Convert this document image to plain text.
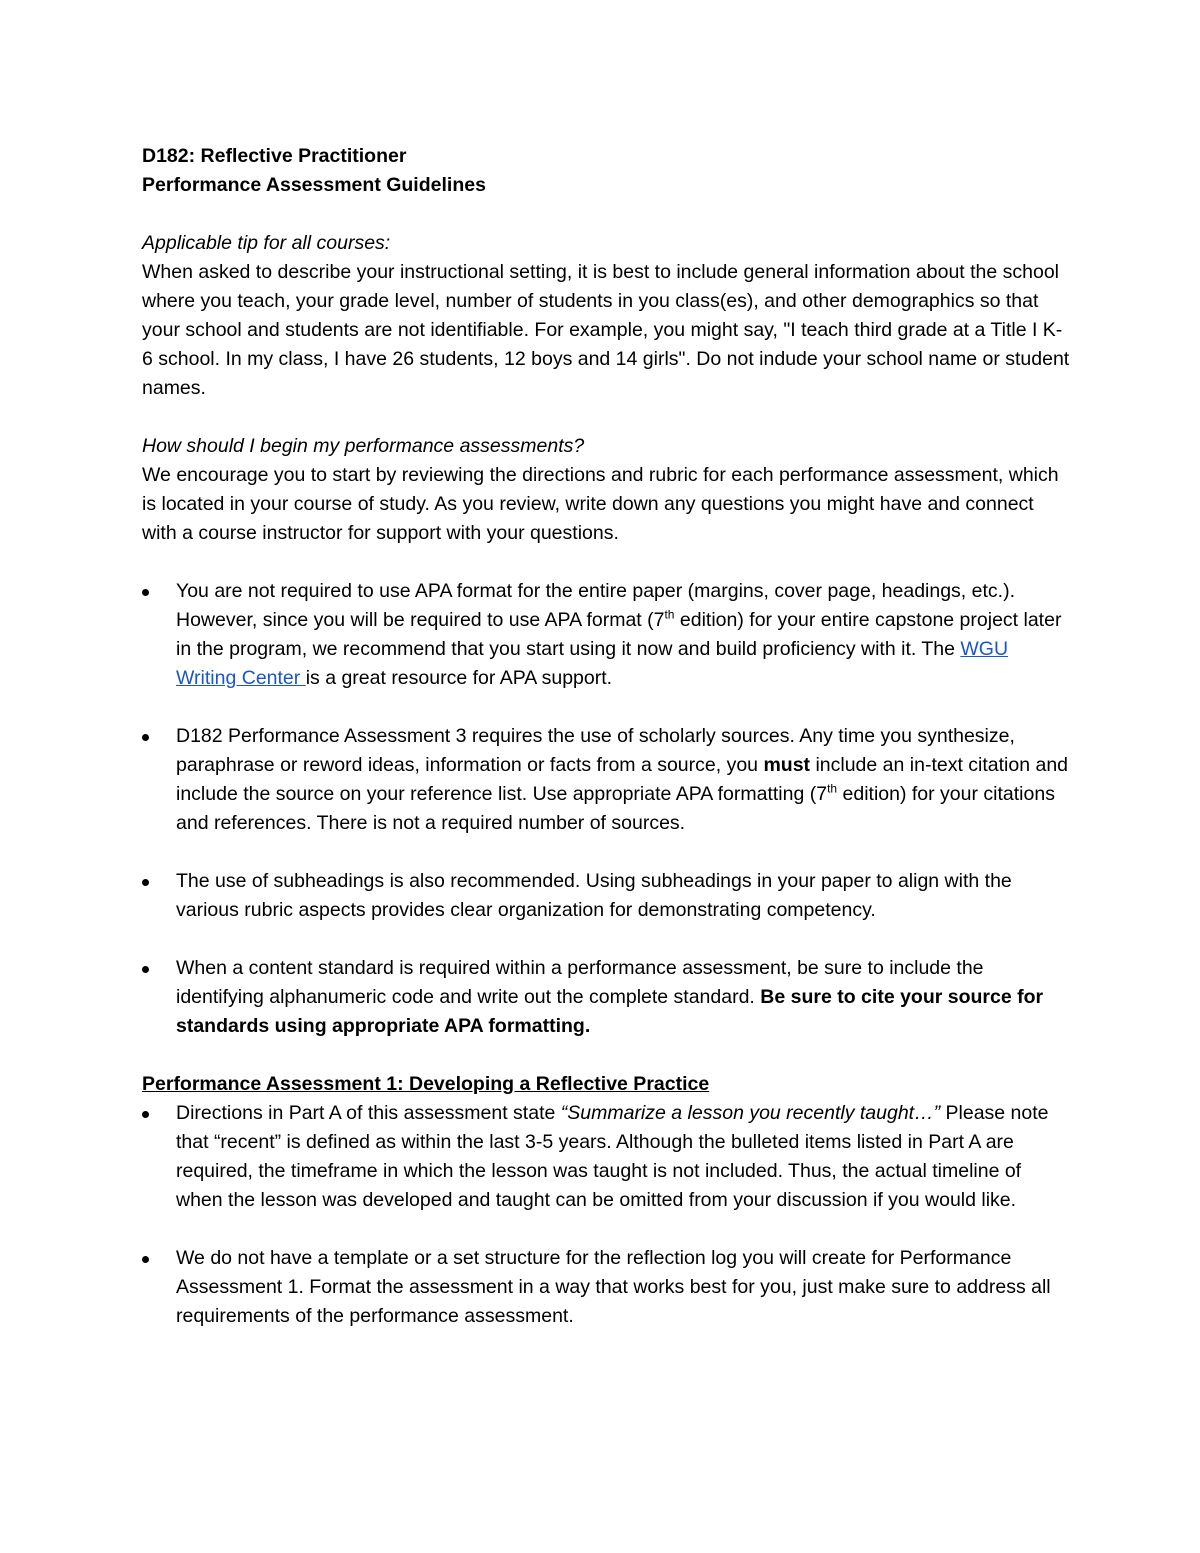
D182: Reflective Practitioner
Performance Assessment Guidelines
Applicable tip for all courses:

When asked to describe your instructional setting, it is best to include general information about the school where you teach, your grade level, number of students in you class(es), and other demographics so that your school and students are not identifiable. For example, you might say, "I teach third grade at a Title I K-6 school. In my class, I have 26 students, 12 boys and 14 girls". Do not indude your school name or student names.

How should I begin my performance assessments?

We encourage you to start by reviewing the directions and rubric for each performance assessment, which is located in your course of study. As you review, write down any questions you might have and connect with a course instructor for support with your questions.

You are not required to use APA format for the entire paper (margins, cover page, headings, etc.). However, since you will be required to use APA format (7th edition) for your entire capstone project later in the program, we recommend that you start using it now and build proficiency with it. The WGU Writing Center is a great resource for APA support.
D182 Performance Assessment 3 requires the use of scholarly sources. Any time you synthesize, paraphrase or reword ideas, information or facts from a source, you must include an in-text citation and include the source on your reference list. Use appropriate APA formatting (7th edition) for your citations and references. There is not a required number of sources.
The use of subheadings is also recommended. Using subheadings in your paper to align with the various rubric aspects provides clear organization for demonstrating competency.
When a content standard is required within a performance assessment, be sure to include the identifying alphanumeric code and write out the complete standard. Be sure to cite your source for standards using appropriate APA formatting.
Performance Assessment 1: Developing a Reflective Practice
Directions in Part A of this assessment state “Summarize a lesson you recently taught…” Please note that “recent” is defined as within the last 3-5 years. Although the bulleted items listed in Part A are required, the timeframe in which the lesson was taught is not included. Thus, the actual timeline of when the lesson was developed and taught can be omitted from your discussion if you would like.
We do not have a template or a set structure for the reflection log you will create for Performance Assessment 1. Format the assessment in a way that works best for you, just make sure to address all requirements of the performance assessment.
